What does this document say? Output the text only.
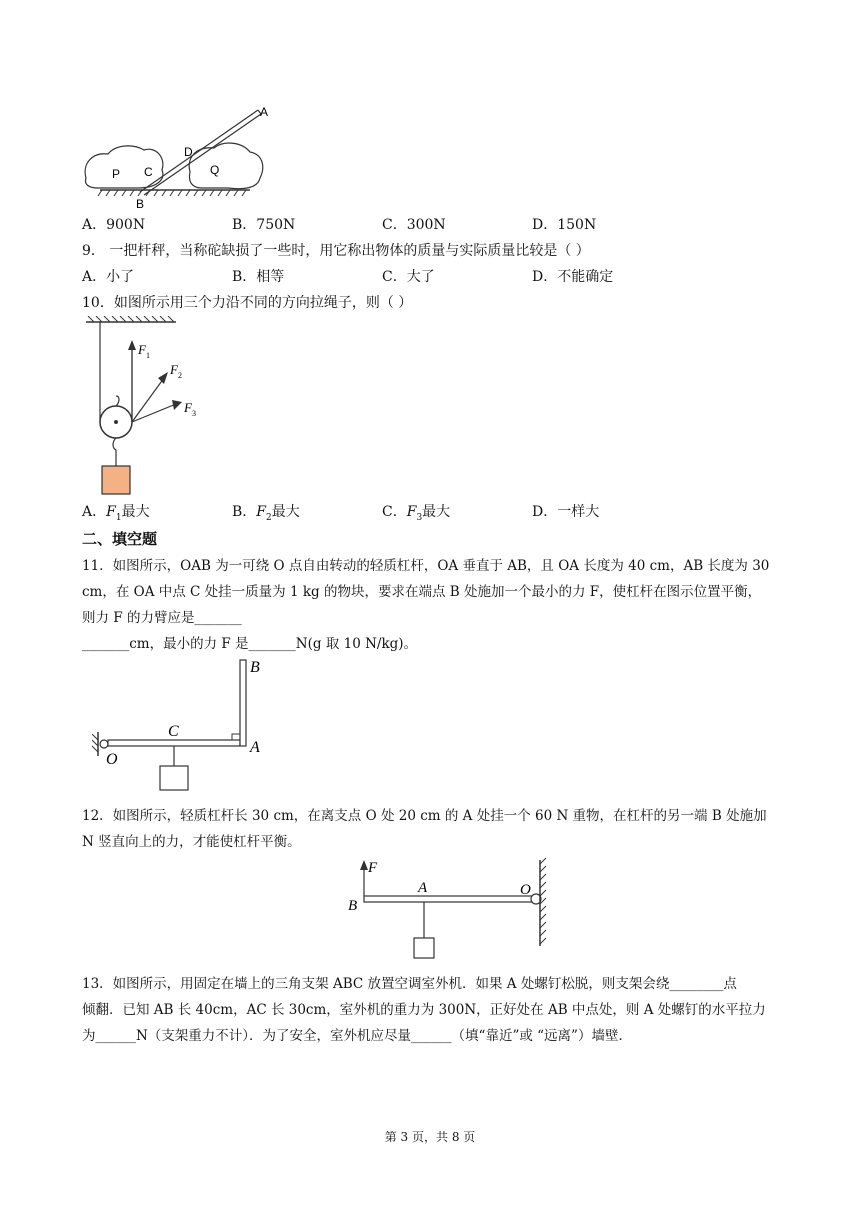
A
D
C
P	Q
B
A．900N	B．750N	C．300N	D．150N
9． 一把杆秤，当称砣缺损了一些时，用它称出物体的质量与实际质量比较是（ ）
A．小了	B．相等	C．大了	D．不能确定
10．如图所示用三个力沿不同的方向拉绳子，则（ ）
F 1
F 2
F 3
A．$F_1$最大	B．$F_2$最大	C．$F_3$最大	D．一样大
二、填空题
11．如图所示，OAB 为一可绕 O 点自由转动的轻质杠杆，OA 垂直于 AB，且 OA 长度为 40 cm，AB 长度为 30
cm，在 OA 中点 C 处挂一质量为 1 kg 的物块，要求在端点 B 处施加一个最小的力 F，使杠杆在图示位置平衡，
则力 F 的力臂应是_______
_______cm，最小的力 F 是_______N(g 取 10 N/kg)。
B
C
A
O
12．如图所示，轻质杠杆长 30 cm，在离支点 O 处 20 cm 的 A 处挂一个 60 N 重物，在杠杆的另一端 B 处施加
N 竖直向上的力，才能使杠杆平衡。
F
A	O
B
13．如图所示，用固定在墙上的三角支架 ABC 放置空调室外机．如果 A 处螺钉松脱，则支架会绕________点
倾翻．已知 AB 长 40cm，AC 长 30cm，室外机的重力为 300N，正好处在 AB 中点处，则 A 处螺钉的水平拉力
为______N（支架重力不计）．为了安全，室外机应尽量______（填“靠近”或 “远离”）墙壁．
第 3 页，共 8 页
